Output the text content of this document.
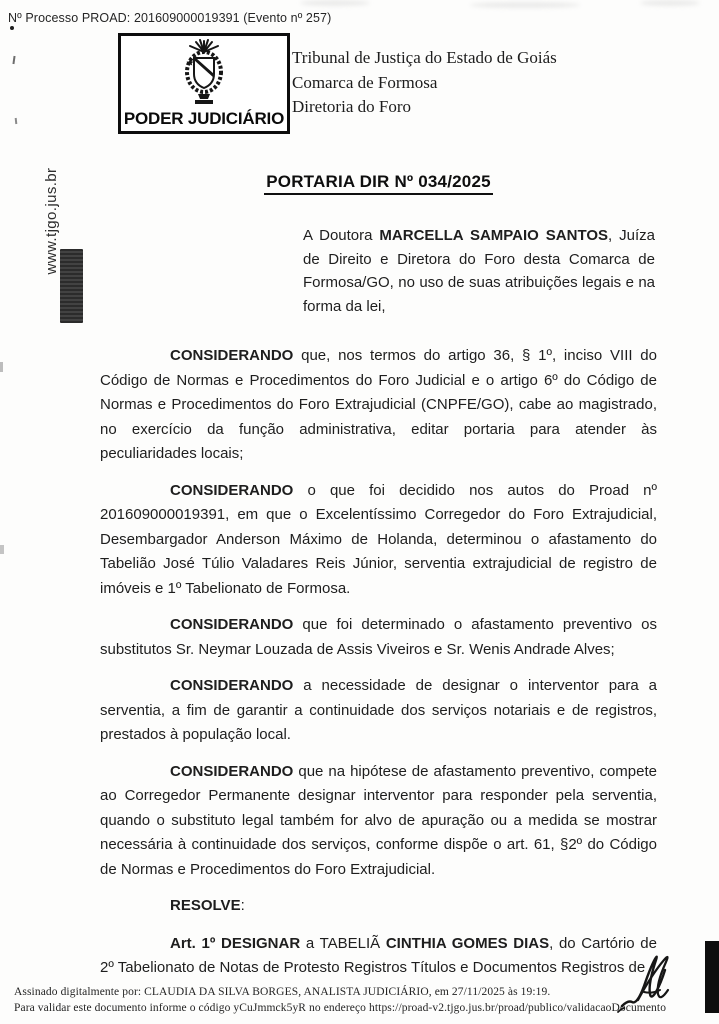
Nº Processo PROAD: 201609000019391 (Evento nº 257)
PODER JUDICIÁRIO
Tribunal de Justiça do Estado de Goiás
Comarca de Formosa
Diretoria do Foro
www.tjgo.jus.br	PORTARIA DIR Nº 034/2025
A Doutora MARCELLA SAMPAIO SANTOS, Juíza de Direito e Diretora do Foro desta Comarca de Formosa/GO, no uso de suas atribuições legais e na forma da lei,

CONSIDERANDO que, nos termos do artigo 36, § 1º, inciso VIII do Código de Normas e Procedimentos do Foro Judicial e o artigo 6º do Código de Normas e Procedimentos do Foro Extrajudicial (CNPFE/GO), cabe ao magistrado, no exercício da função administrativa, editar portaria para atender às peculiaridades locais;

CONSIDERANDO o que foi decidido nos autos do Proad nº 201609000019391, em que o Excelentíssimo Corregedor do Foro Extrajudicial, Desembargador Anderson Máximo de Holanda, determinou o afastamento do Tabelião José Túlio Valadares Reis Júnior, serventia extrajudicial de registro de imóveis e 1º Tabelionato de Formosa.

CONSIDERANDO que foi determinado o afastamento preventivo os substitutos Sr. Neymar Louzada de Assis Viveiros e Sr. Wenis Andrade Alves;

CONSIDERANDO a necessidade de designar o interventor para a serventia, a fim de garantir a continuidade dos serviços notariais e de registros, prestados à população local.

CONSIDERANDO que na hipótese de afastamento preventivo, compete ao Corregedor Permanente designar interventor para responder pela serventia, quando o substituto legal também for alvo de apuração ou a medida se mostrar necessária à continuidade dos serviços, conforme dispõe o art. 61, §2º do Código de Normas e Procedimentos do Foro Extrajudicial.

RESOLVE:

Art. 1º DESIGNAR a TABELIÃ CINTHIA GOMES DIAS, do Cartório de 2º Tabelionato de Notas de Protesto Registros Títulos e Documentos Registros de

Assinado digitalmente por: CLAUDIA DA SILVA BORGES, ANALISTA JUDICIÁRIO, em 27/11/2025 às 19:19.
Para validar este documento informe o código yCuJmmck5yR no endereço https://proad-v2.tjgo.jus.br/proad/publico/validacaoDocumento
